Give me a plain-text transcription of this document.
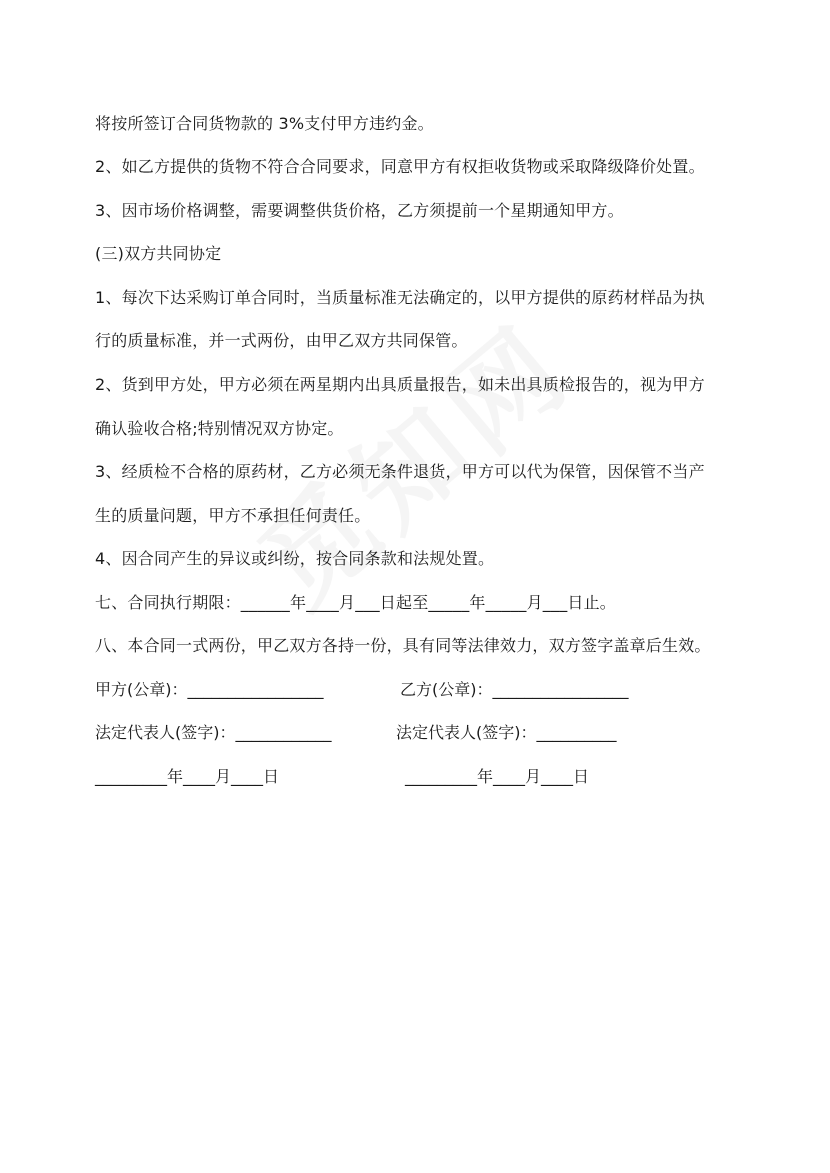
将按所签订合同货物款的 3%支付甲方违约金。
2、如乙方提供的货物不符合合同要求，同意甲方有权拒收货物或采取降级降价处置。
3、因市场价格调整，需要调整供货价格，乙方须提前一个星期通知甲方。
(三)双方共同协定
1、每次下达采购订单合同时，当质量标准无法确定的，以甲方提供的原药材样品为执
行的质量标准，并一式两份，由甲乙双方共同保管。
2、货到甲方处，甲方必须在两星期内出具质量报告，如未出具质检报告的，视为甲方
确认验收合格;特别情况双方协定。
3、经质检不合格的原药材，乙方必须无条件退货，甲方可以代为保管，因保管不当产
生的质量问题，甲方不承担任何责任。
4、因合同产生的异议或纠纷，按合同条款和法规处置。
七、合同执行期限：______年____月___日起至_____年_____月___日止。
八、本合同一式两份，甲乙双方各持一份，具有同等法律效力，双方签字盖章后生效。
甲方(公章)：_________________	乙方(公章)：_________________
法定代表人(签字)：____________	法定代表人(签字)：__________
_________年____月____日	_________年____月____日
